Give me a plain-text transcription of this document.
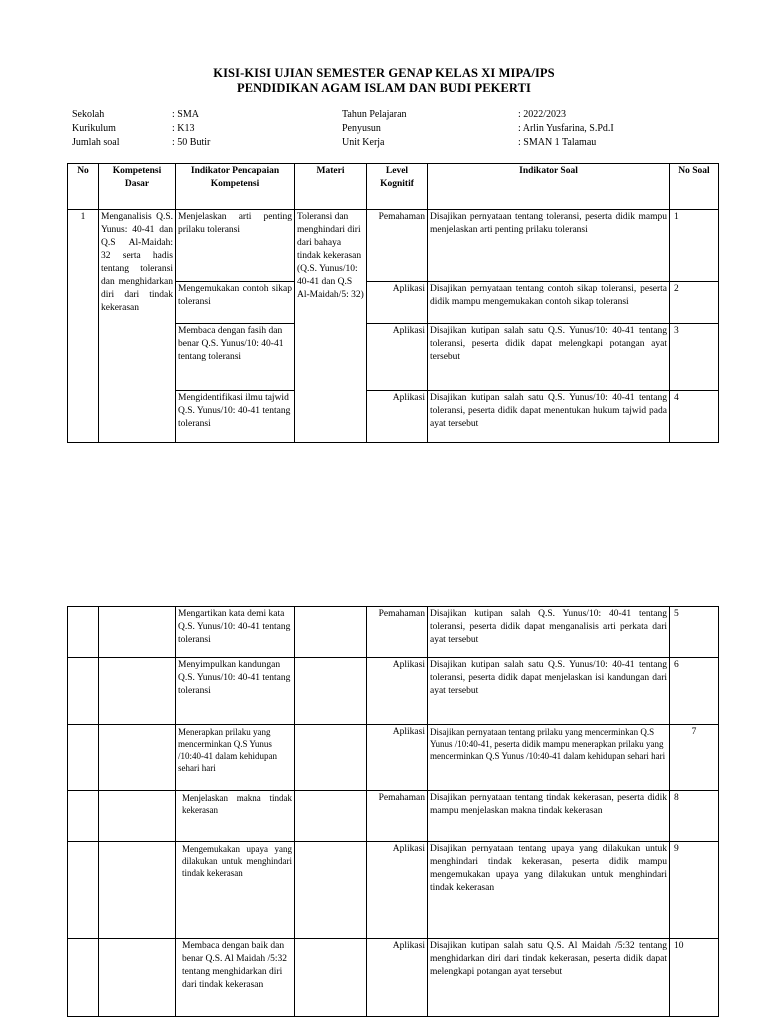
KISI-KISI UJIAN SEMESTER GENAP KELAS XI MIPA/IPS
PENDIDIKAN AGAM ISLAM DAN BUDI PEKERTI
Sekolah	: SMA
Kurikulum	: K13
Jumlah soal	: 50 Butir
Tahun Pelajaran	: 2022/2023
Penyusun	: Arlin Yusfarina, S.Pd.I
Unit Kerja	: SMAN 1 Talamau
No	Kompetensi Dasar	Indikator Pencapaian Kompetensi	Materi	Level Kognitif	Indikator Soal	No Soal
1	Menganalisis Q.S. Yunus: 40-41 dan Q.S Al-Maidah: 32 serta hadis tentang toleransi dan menghidarkan diri dari tindak kekerasan	Menjelaskan arti penting prilaku toleransi	Toleransi dan menghindari diri dari bahaya tindak kekerasan (Q.S. Yunus/10: 40-41 dan Q.S Al-Maidah/5: 32)	Pemahaman	Disajikan pernyataan tentang toleransi, peserta didik mampu menjelaskan arti penting prilaku toleransi	1
		Mengemukakan contoh sikap toleransi		Aplikasi	Disajikan pernyataan tentang contoh sikap toleransi, peserta didik mampu mengemukakan contoh sikap toleransi	2
		Membaca dengan fasih dan benar Q.S. Yunus/10: 40-41 tentang toleransi		Aplikasi	Disajikan kutipan salah satu Q.S. Yunus/10: 40-41 tentang toleransi, peserta didik dapat melengkapi potangan ayat tersebut	3
		Mengidentifikasi ilmu tajwid Q.S. Yunus/10: 40-41 tentang toleransi		Aplikasi	Disajikan kutipan salah satu Q.S. Yunus/10: 40-41 tentang toleransi, peserta didik dapat menentukan hukum tajwid pada ayat tersebut	4
		Mengartikan kata demi kata Q.S. Yunus/10: 40-41 tentang toleransi		Pemahaman	Disajikan kutipan salah Q.S. Yunus/10: 40-41 tentang toleransi, peserta didik dapat menganalisis arti perkata dari ayat tersebut	5
		Menyimpulkan kandungan Q.S. Yunus/10: 40-41 tentang toleransi		Aplikasi	Disajikan kutipan salah satu Q.S. Yunus/10: 40-41 tentang toleransi, peserta didik dapat menjelaskan isi kandungan dari ayat tersebut	6
		Menerapkan prilaku yang mencerminkan Q.S Yunus /10:40-41 dalam kehidupan sehari hari		Aplikasi	Disajikan pernyataan tentang prilaku yang mencerminkan Q.S Yunus /10:40-41, peserta didik mampu menerapkan prilaku yang mencerminkan Q.S Yunus /10:40-41 dalam kehidupan sehari hari	7
		Menjelaskan makna tindak kekerasan		Pemahaman	Disajikan pernyataan tentang tindak kekerasan, peserta didik mampu menjelaskan makna tindak kekerasan	8
		Mengemukakan upaya yang dilakukan untuk menghindari tindak kekerasan		Aplikasi	Disajikan pernyataan tentang upaya yang dilakukan untuk menghindari tindak kekerasan, peserta didik mampu mengemukakan upaya yang dilakukan untuk menghindari tindak kekerasan	9
		Membaca dengan baik dan benar Q.S. Al Maidah /5:32 tentang menghidarkan diri dari tindak kekerasan		Aplikasi	Disajikan kutipan salah satu Q.S. Al Maidah /5:32 tentang menghidarkan diri dari tindak kekerasan, peserta didik dapat melengkapi potangan ayat tersebut	10
